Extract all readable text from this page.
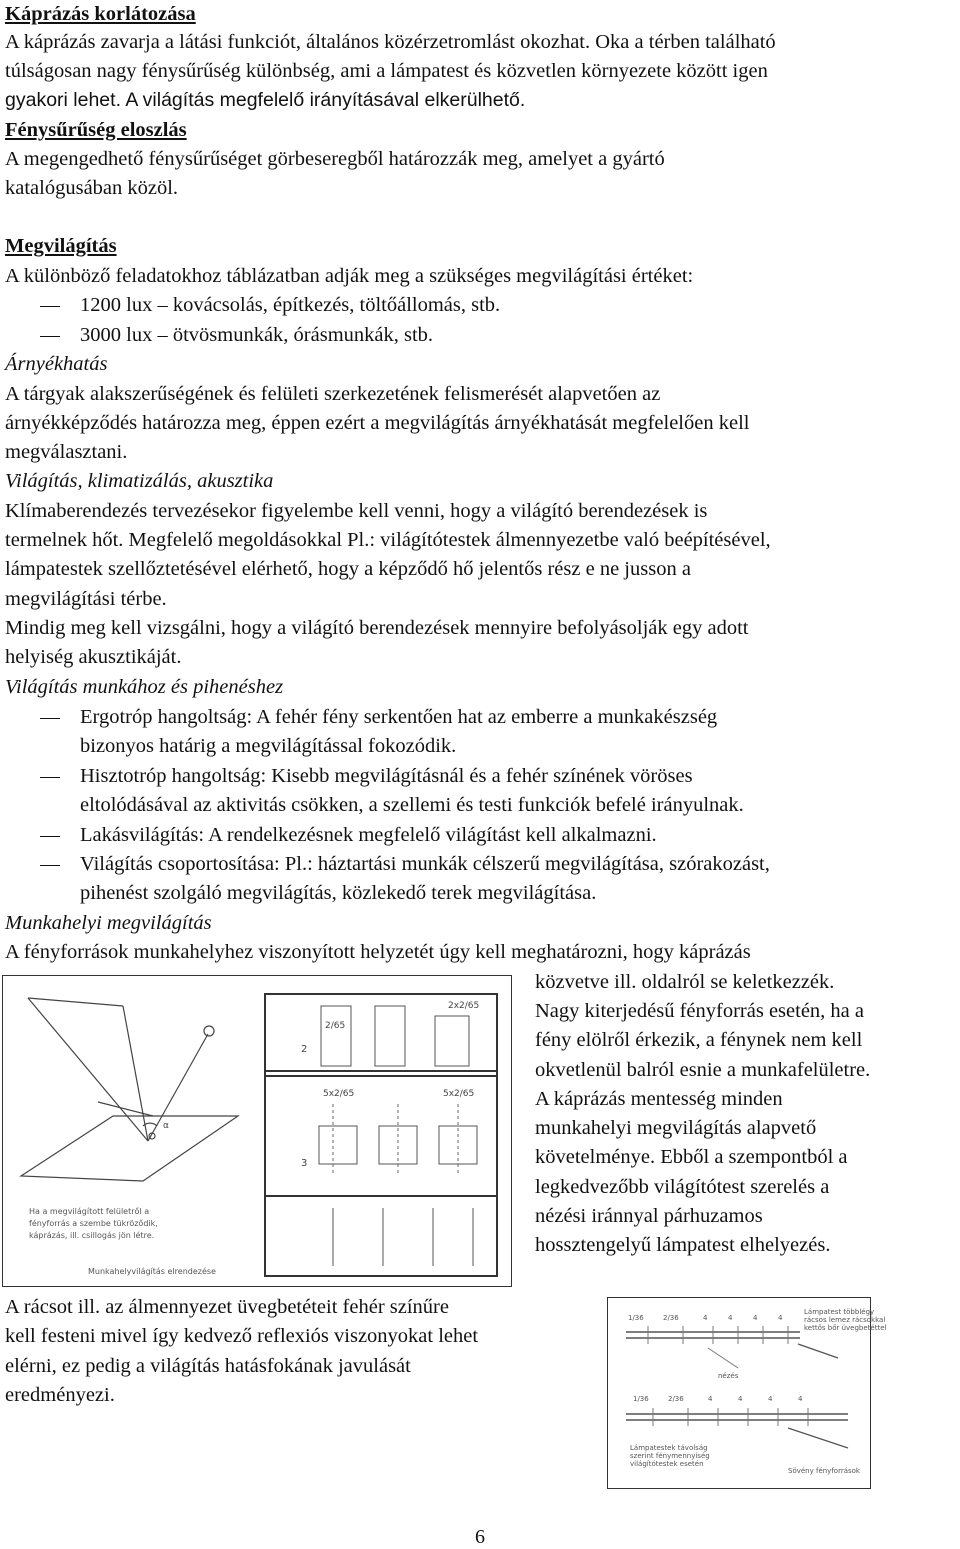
Káprázás korlátozása
A káprázás zavarja a látási funkciót, általános közérzetromlást okozhat. Oka a térben található
túlságosan nagy fénysűrűség különbség, ami a lámpatest és közvetlen környezete között igen
gyakori lehet. A világítás megfelelő irányításával elkerülhető.
Fénysűrűség eloszlás
A megengedhető fénysűrűséget görbeseregből határozzák meg, amelyet a gyártó
katalógusában közöl.
Megvilágítás
A különböző feladatokhoz táblázatban adják meg a szükséges megvilágítási értéket:
1200 lux – kovácsolás, építkezés, töltőállomás, stb.
3000 lux – ötvösmunkák, órásmunkák, stb.
Árnyékhatás
A tárgyak alakszerűségének és felületi szerkezetének felismerését alapvetően az
árnyékképződés határozza meg, éppen ezért a megvilágítás árnyékhatását megfelelően kell
megválasztani.
Világítás, klimatizálás, akusztika
Klímaberendezés tervezésekor figyelembe kell venni, hogy a világító berendezések is
termelnek hőt. Megfelelő megoldásokkal Pl.: világítótestek álmennyezetbe való beépítésével,
lámpatestek szellőztetésével elérhető, hogy a képződő hő jelentős rész e ne jusson a
megvilágítási térbe.
Mindig meg kell vizsgálni, hogy a világító berendezések mennyire befolyásolják egy adott
helyiség akusztikáját.
Világítás munkához és pihenéshez
Ergotróp hangoltság: A fehér fény serkentően hat az emberre a munkakészség
bizonyos határig a megvilágítással fokozódik.
Hisztotróp hangoltság: Kisebb megvilágításnál és a fehér színének vöröses
eltolódásával az aktivitás csökken, a szellemi és testi funkciók befelé irányulnak.
Lakásvilágítás: A rendelkezésnek megfelelő világítást kell alkalmazni.
Világítás csoportosítása: Pl.: háztartási munkák célszerű megvilágítása, szórakozást,
pihenést szolgáló megvilágítás, közlekedő terek megvilágítása.
Munkahelyi megvilágítás
A fényforrások munkahelyhez viszonyított helyzetét úgy kell meghatározni, hogy káprázás
közvetve ill. oldalról se keletkezzék.
Nagy kiterjedésű fényforrás esetén, ha a
fény elölről érkezik, a fénynek nem kell
okvetlenül balról esnie a munkafelületre.
A káprázás mentesség minden
munkahelyi megvilágítás alapvető
követelménye. Ebből a szempontból a
legkedvezőbb világítótest szerelés a
nézési iránnyal párhuzamos
hossztengelyű lámpatest elhelyezés.
α
Ha a megvilágított felületről a
fényforrás a szembe tükröződik,
káprázás, ill. csillogás jön létre.
Munkahelyvilágítás elrendezése
2x2/65
2/65
2
5x2/65	5x2/65
3
A rácsot ill. az álmennyezet üvegbetéteit fehér színűre
kell festeni mivel így kedvező reflexiós viszonyokat lehet
elérni, ez pedig a világítás hatásfokának javulását
eredményezi.
1/36	2/36	4	4	4	4
Lámpatest többlégy
rácsos lemez rácsokkal
kettős bőr üvegbetéttel
nézés
1/36	2/36	4	4	4	4
Lámpatestek távolság
szerint fénymennyiség
világítótestek esetén
Sövény fényforrások
6
